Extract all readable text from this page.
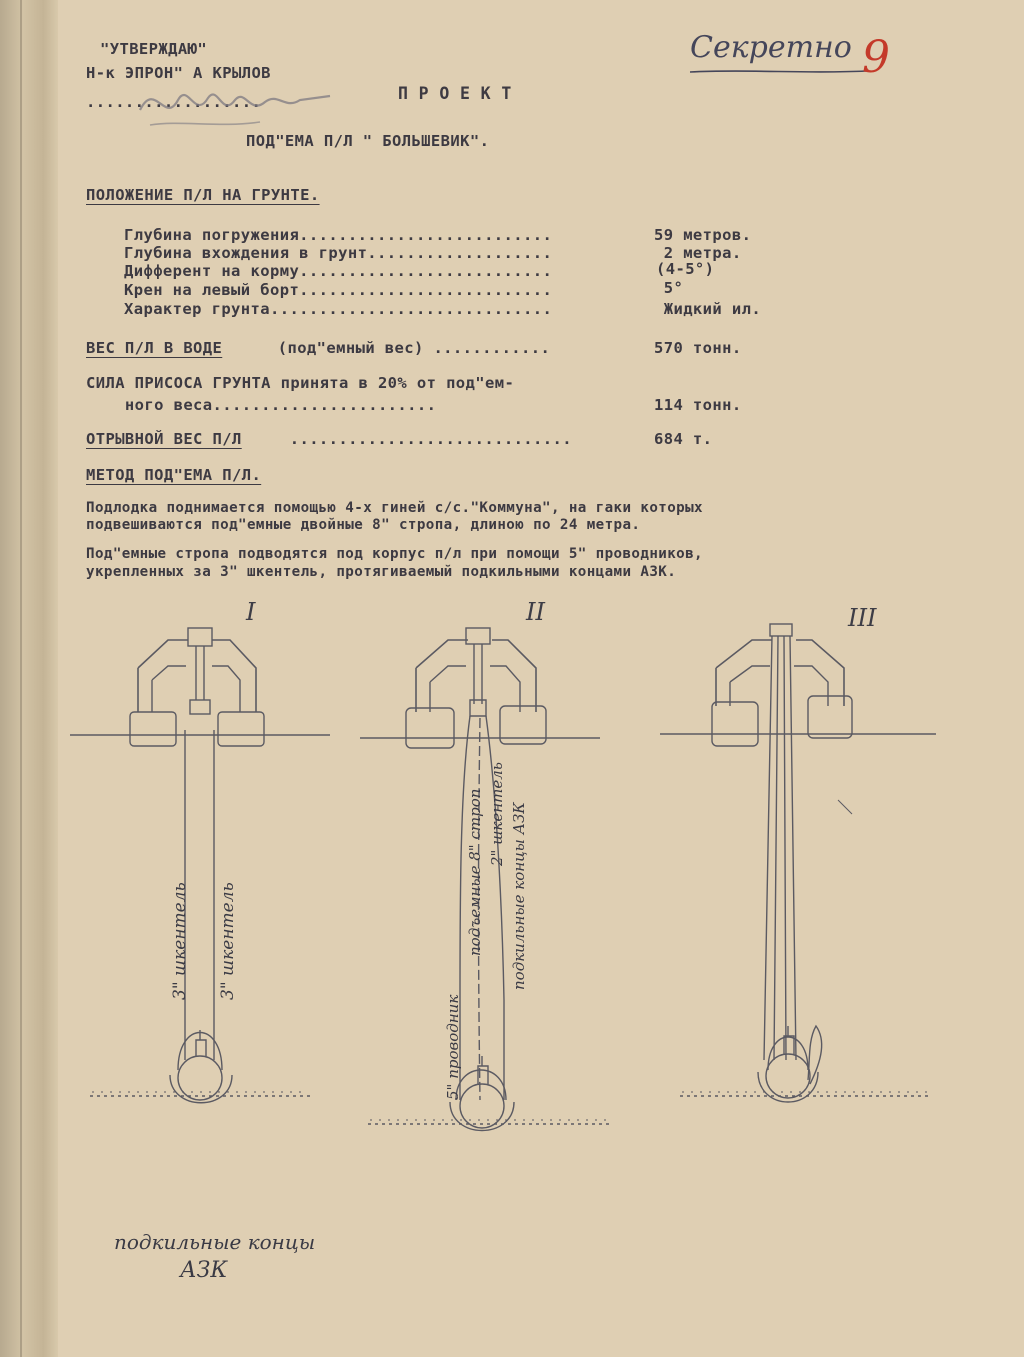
"УТВЕРЖДАЮ"
Н-к ЭПРОН" А КРЫЛОВ
..................
Секретно 9
П Р О Е К Т
ПОД"ЕМА П/Л " БОЛЬШЕВИК".
ПОЛОЖЕНИЕ П/Л НА ГРУНТЕ.
Глубина погружения..........................	59 метров.
Глубина вхождения в грунт...................	2 метра.
Дифферент на корму..........................	(4-5°)
Крен на левый борт..........................	5°
Характер грунта.............................	Жидкий ил.
ВЕС П/Л В ВОДЕ	(под"емный вес) ............	570 тонн.
СИЛА ПРИСОСА ГРУНТА принята в 20% от под"ем-
ного веса.......................	114 тонн.
ОТРЫВНОЙ ВЕС П/Л .............................	684 т.
МЕТОД ПОД"ЕМА П/Л.
Подлодка поднимается помощью 4-х гиней с/с."Коммуна", на гаки которых
подвешиваются под"емные двойные 8" стропа, длиною по 24 метра.
Под"емные стропа подводятся под корпус п/л при помощи 5" проводников,
укрепленных за 3" шкентель, протягиваемый подкильными концами АЗК.
I	II	III
3" шкентель 3" шкентель	подъемные 8" строп 2" шкентель подкильные концы АЗК
5" проводник
подкильные концы
АЗК
